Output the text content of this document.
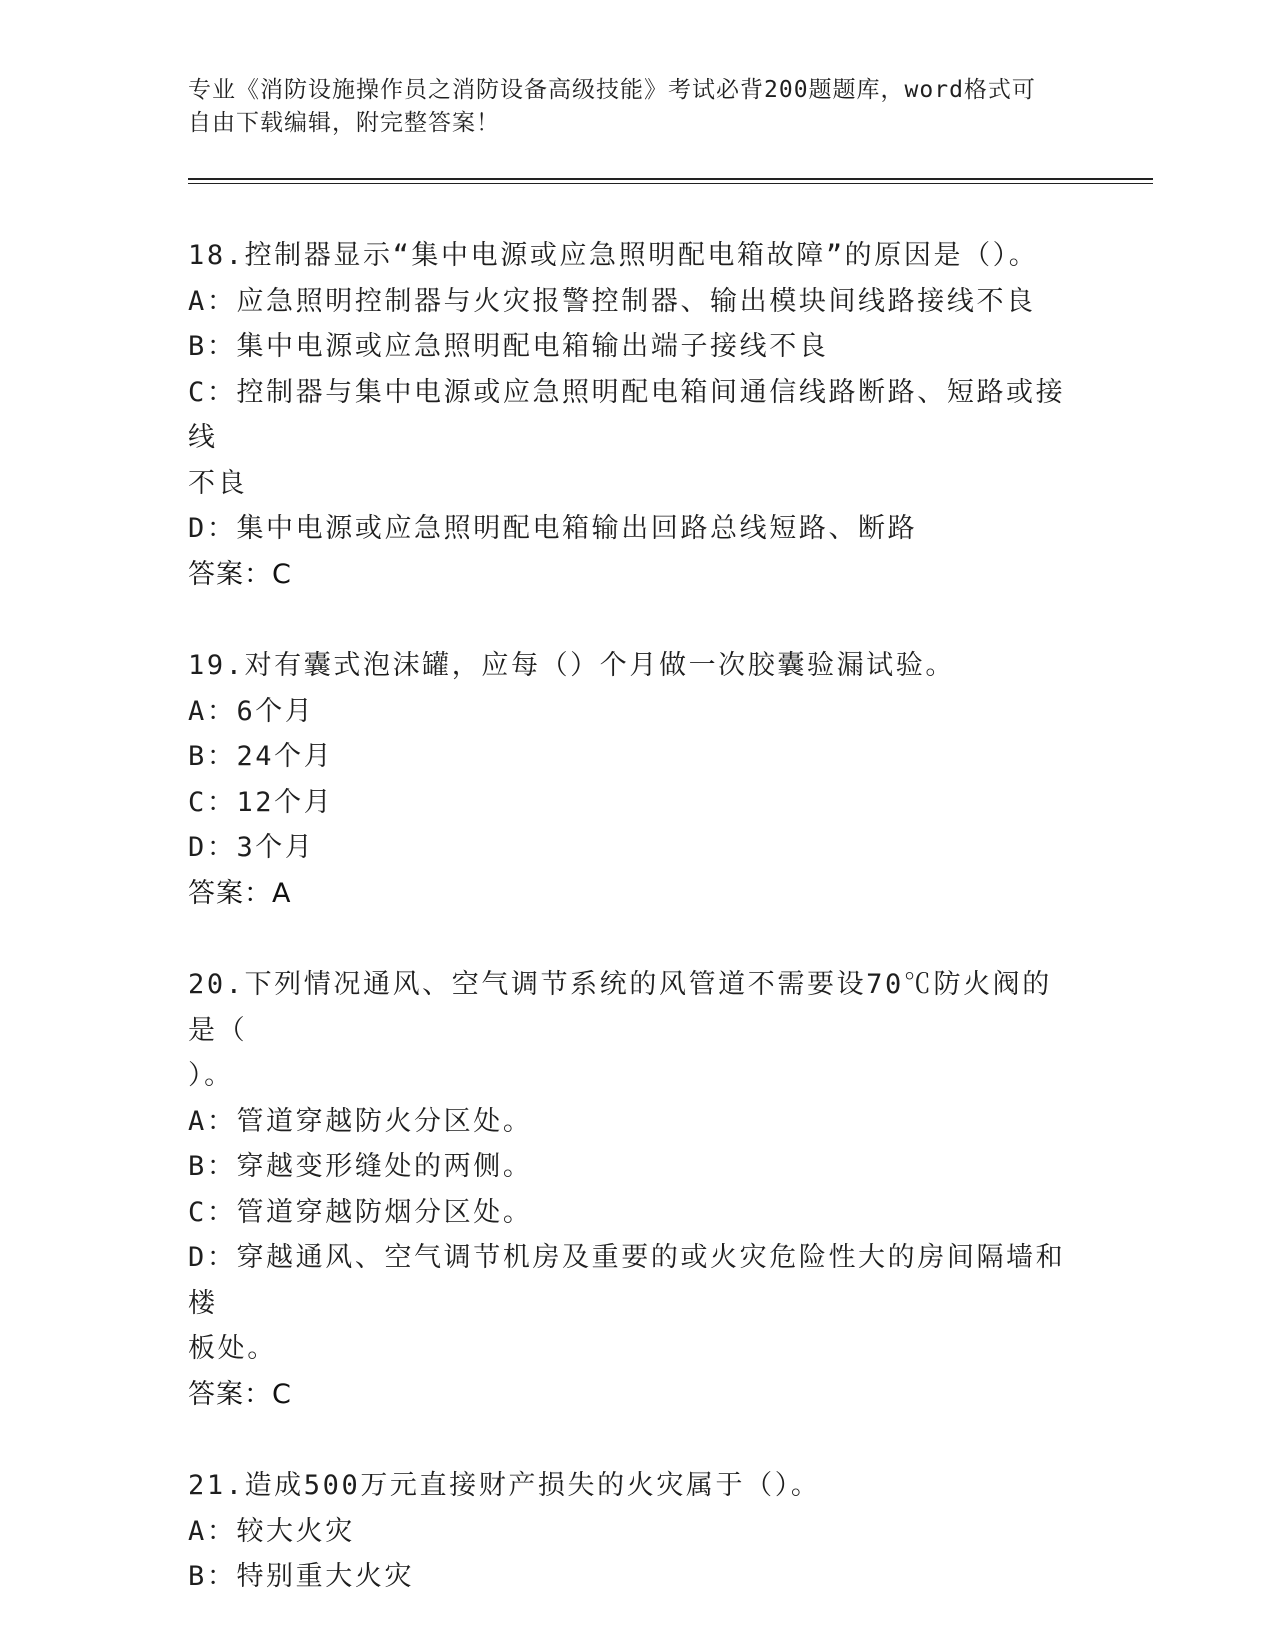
专业《消防设施操作员之消防设备高级技能》考试必背200题题库，word格式可
自由下载编辑，附完整答案！
18.控制器显示“集中电源或应急照明配电箱故障”的原因是（）。
A：应急照明控制器与火灾报警控制器、输出模块间线路接线不良
B：集中电源或应急照明配电箱输出端子接线不良
C：控制器与集中电源或应急照明配电箱间通信线路断路、短路或接线
不良
D：集中电源或应急照明配电箱输出回路总线短路、断路
答案：C
19.对有囊式泡沫罐，应每（）个月做一次胶囊验漏试验。
A：6个月
B：24个月
C：12个月
D：3个月
答案：A
20.下列情况通风、空气调节系统的风管道不需要设70℃防火阀的是（
）。
A：管道穿越防火分区处。
B：穿越变形缝处的两侧。
C：管道穿越防烟分区处。
D：穿越通风、空气调节机房及重要的或火灾危险性大的房间隔墙和楼
板处。
答案：C
21.造成500万元直接财产损失的火灾属于（）。
A：较大火灾
B：特别重大火灾
